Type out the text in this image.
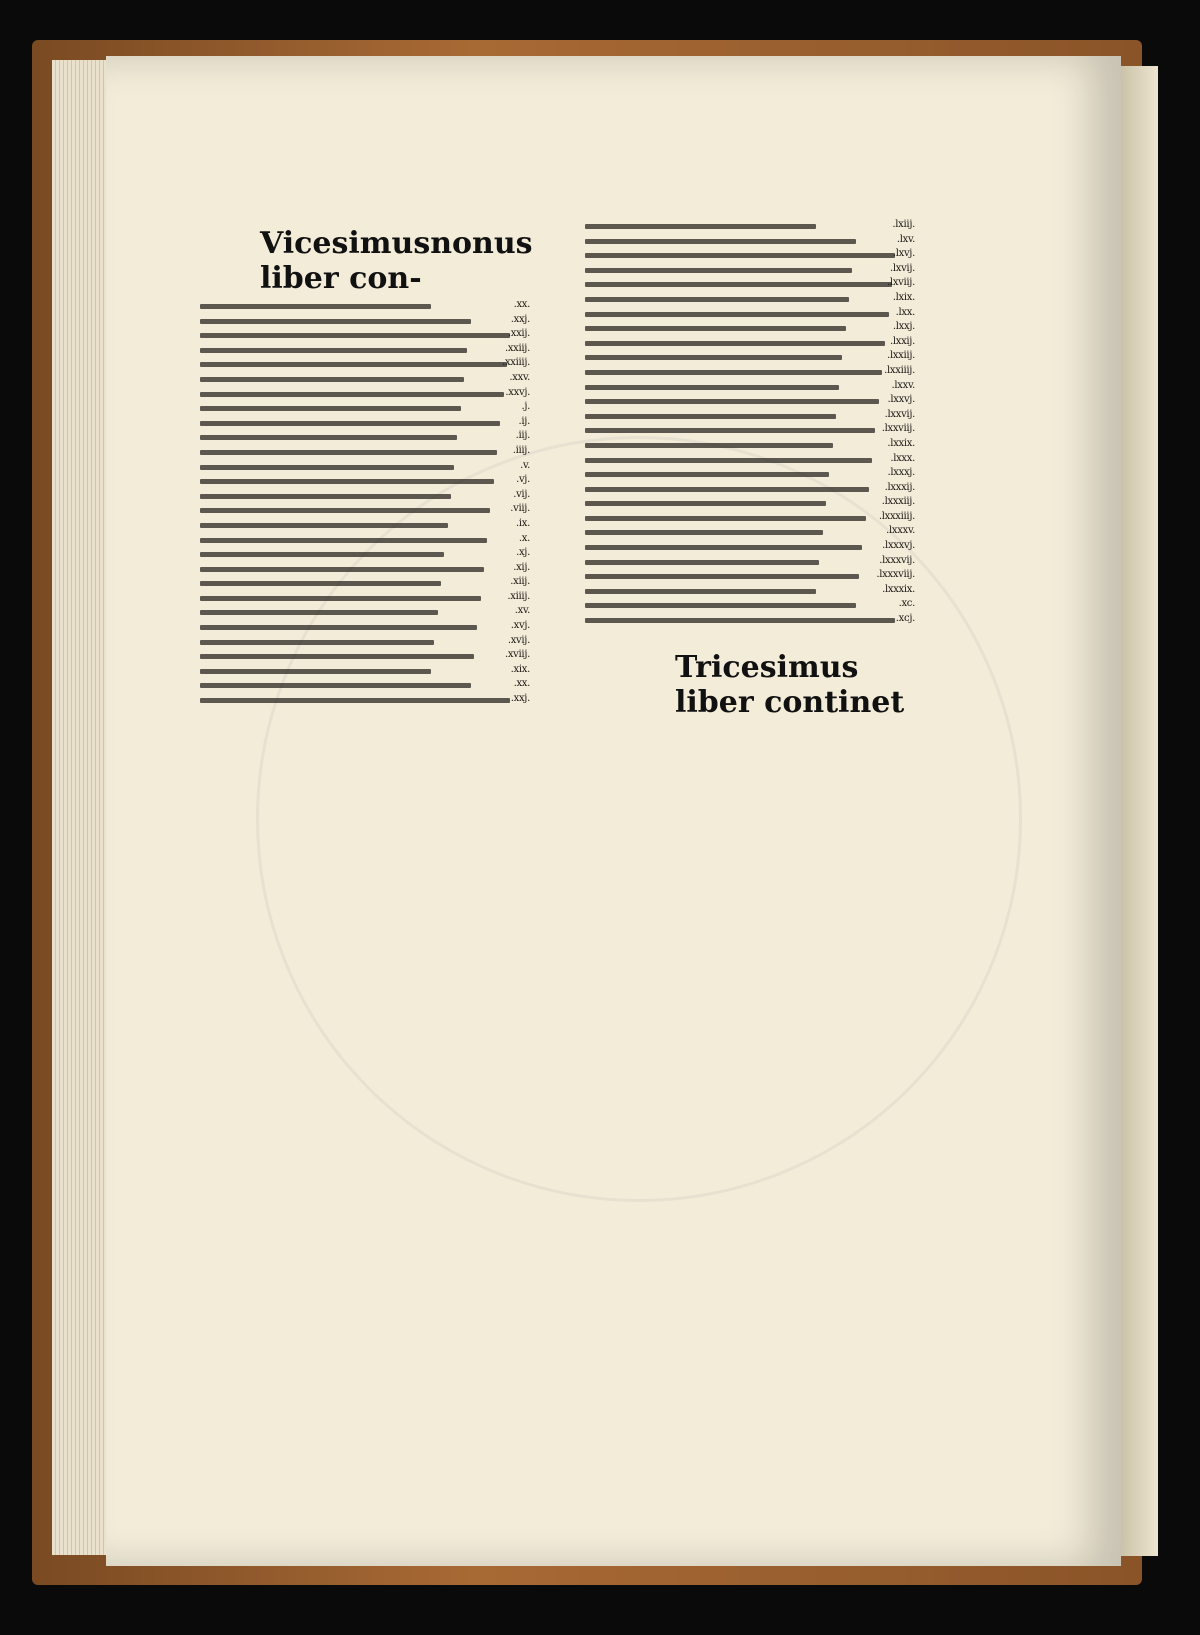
Vicesimusnonus liber con-
.xx.
.xxj.
.xxij.
.xxiij.
.xxiiij.
.xxv.
.xxvj.
.j.
.ij.
.iij.
.iiij.
.v.
.vj.
.vij.
.viij.
.ix.
.x.
.xj.
.xij.
.xiij.
.xiiij.
.xv.
.xvj.
.xvij.
.xviij.
.xix.
.xx.
.xxj.
.lxiij.
.lxv.
.lxvj.
.lxvij.
.lxviij.
.lxix.
.lxx.
.lxxj.
.lxxij.
.lxxiij.
.lxxiiij.
.lxxv.
.lxxvj.
.lxxvij.
.lxxviij.
.lxxix.
.lxxx.
.lxxxj.
.lxxxij.
.lxxxiij.
.lxxxiiij.
.lxxxv.
.lxxxvj.
.lxxxvij.
.lxxxviij.
.lxxxix.
.xc.
.xcj.
Tricesimus liber continet
